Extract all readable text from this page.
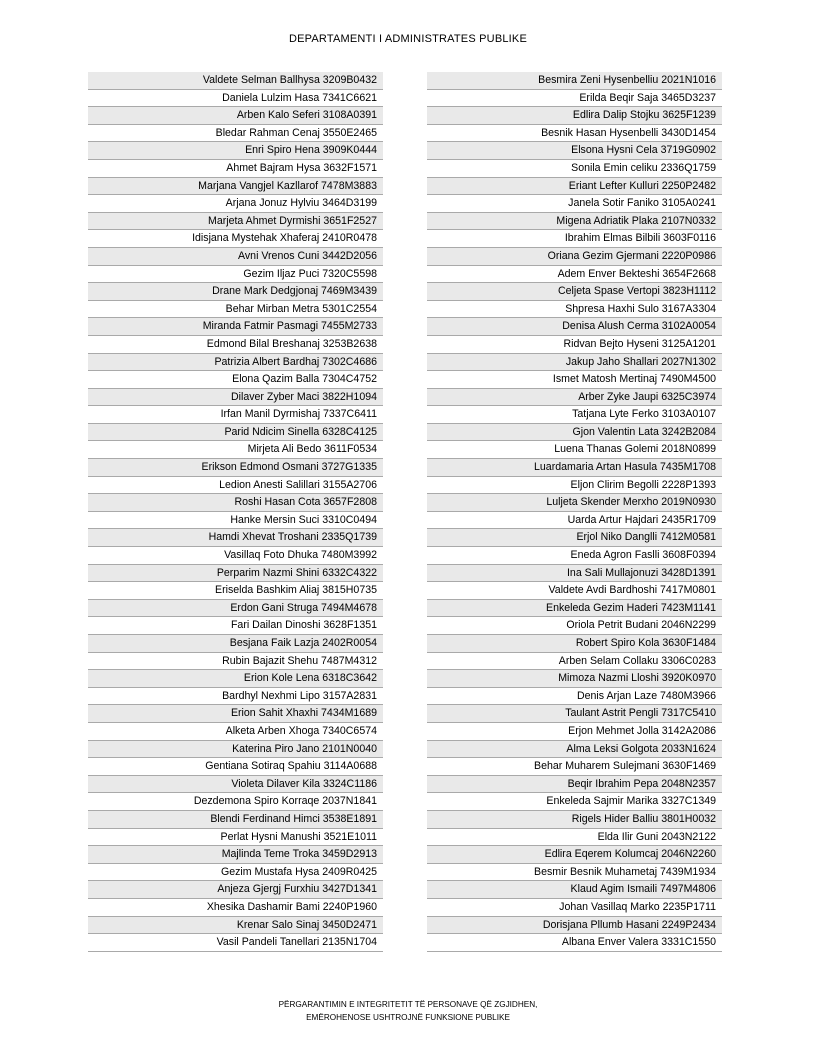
DEPARTAMENTI I ADMINISTRATES PUBLIKE
Valdete Selman Ballhysa 3209B0432
Daniela Lulzim Hasa 7341C6621
Arben Kalo Seferi 3108A0391
Bledar Rahman Cenaj 3550E2465
Enri Spiro Hena 3909K0444
Ahmet Bajram Hysa 3632F1571
Marjana Vangjel Kazllarof 7478M3883
Arjana Jonuz Hylviu 3464D3199
Marjeta Ahmet Dyrmishi 3651F2527
Idisjana Mystehak Xhaferaj 2410R0478
Avni Vrenos Cuni 3442D2056
Gezim Iljaz Puci 7320C5598
Drane Mark Dedgjonaj 7469M3439
Behar Mirban Metra 5301C2554
Miranda Fatmir Pasmagi 7455M2733
Edmond Bilal Breshanaj 3253B2638
Patrizia Albert Bardhaj 7302C4686
Elona Qazim Balla 7304C4752
Dilaver Zyber Maci 3822H1094
Irfan Manil Dyrmishaj 7337C6411
Parid Ndicim Sinella 6328C4125
Mirjeta Ali Bedo 3611F0534
Erikson Edmond Osmani 3727G1335
Ledion Anesti Salillari 3155A2706
Roshi Hasan Cota 3657F2808
Hanke Mersin Suci 3310C0494
Hamdi Xhevat Troshani 2335Q1739
Vasillaq Foto Dhuka 7480M3992
Perparim Nazmi Shini 6332C4322
Eriselda Bashkim Aliaj 3815H0735
Erdon Gani Struga 7494M4678
Fari Dailan Dinoshi 3628F1351
Besjana Faik Lazja 2402R0054
Rubin Bajazit Shehu 7487M4312
Erion Kole Lena 6318C3642
Bardhyl Nexhmi Lipo 3157A2831
Erion Sahit Xhaxhi 7434M1689
Alketa Arben Xhoga 7340C6574
Katerina Piro Jano 2101N0040
Gentiana Sotiraq Spahiu 3114A0688
Violeta Dilaver Kila 3324C1186
Dezdemona Spiro Korraqe 2037N1841
Blendi Ferdinand Himci 3538E1891
Perlat Hysni Manushi 3521E1011
Majlinda Teme Troka 3459D2913
Gezim Mustafa Hysa 2409R0425
Anjeza Gjergj Furxhiu 3427D1341
Xhesika Dashamir Bami 2240P1960
Krenar Salo Sinaj 3450D2471
Vasil Pandeli Tanellari 2135N1704
Besmira Zeni Hysenbelliu 2021N1016
Erilda Beqir Saja 3465D3237
Edlira Dalip Stojku 3625F1239
Besnik Hasan Hysenbelli 3430D1454
Elsona Hysni Cela 3719G0902
Sonila Emin celiku 2336Q1759
Eriant Lefter Kulluri 2250P2482
Janela Sotir Faniko 3105A0241
Migena Adriatik Plaka 2107N0332
Ibrahim Elmas Bilbili 3603F0116
Oriana Gezim Gjermani 2220P0986
Adem Enver Bekteshi 3654F2668
Celjeta Spase Vertopi 3823H1112
Shpresa Haxhi Sulo 3167A3304
Denisa Alush Cerma 3102A0054
Ridvan Bejto Hyseni 3125A1201
Jakup Jaho Shallari 2027N1302
Ismet Matosh Mertinaj 7490M4500
Arber Zyke Jaupi 6325C3974
Tatjana Lyte Ferko 3103A0107
Gjon Valentin Lata 3242B2084
Luena Thanas Golemi 2018N0899
Luardamaria Artan Hasula 7435M1708
Eljon Clirim Begolli 2228P1393
Luljeta Skender Merxho 2019N0930
Uarda Artur Hajdari 2435R1709
Erjol Niko Danglli 7412M0581
Eneda Agron Faslli 3608F0394
Ina Sali Mullajonuzi 3428D1391
Valdete Avdi Bardhoshi 7417M0801
Enkeleda Gezim Haderi 7423M1141
Oriola Petrit Budani 2046N2299
Robert Spiro Kola 3630F1484
Arben Selam Collaku 3306C0283
Mimoza Nazmi Lloshi 3920K0970
Denis Arjan Laze 7480M3966
Taulant Astrit Pengli 7317C5410
Erjon Mehmet Jolla 3142A2086
Alma Leksi Golgota 2033N1624
Behar Muharem Sulejmani 3630F1469
Beqir Ibrahim Pepa 2048N2357
Enkeleda Sajmir Marika 3327C1349
Rigels Hider Balliu 3801H0032
Elda Ilir Guni 2043N2122
Edlira Eqerem Kolumcaj 2046N2260
Besmir Besnik Muhametaj 7439M1934
Klaud Agim Ismaili 7497M4806
Johan Vasillaq Marko 2235P1711
Dorisjana Pllumb Hasani 2249P2434
Albana Enver Valera 3331C1550
PËRGARANTIMIN E INTEGRITETIT TË PERSONAVE QË ZGJIDHEN,
EMËROHENOSE USHTROJNË FUNKSIONE PUBLIKE
